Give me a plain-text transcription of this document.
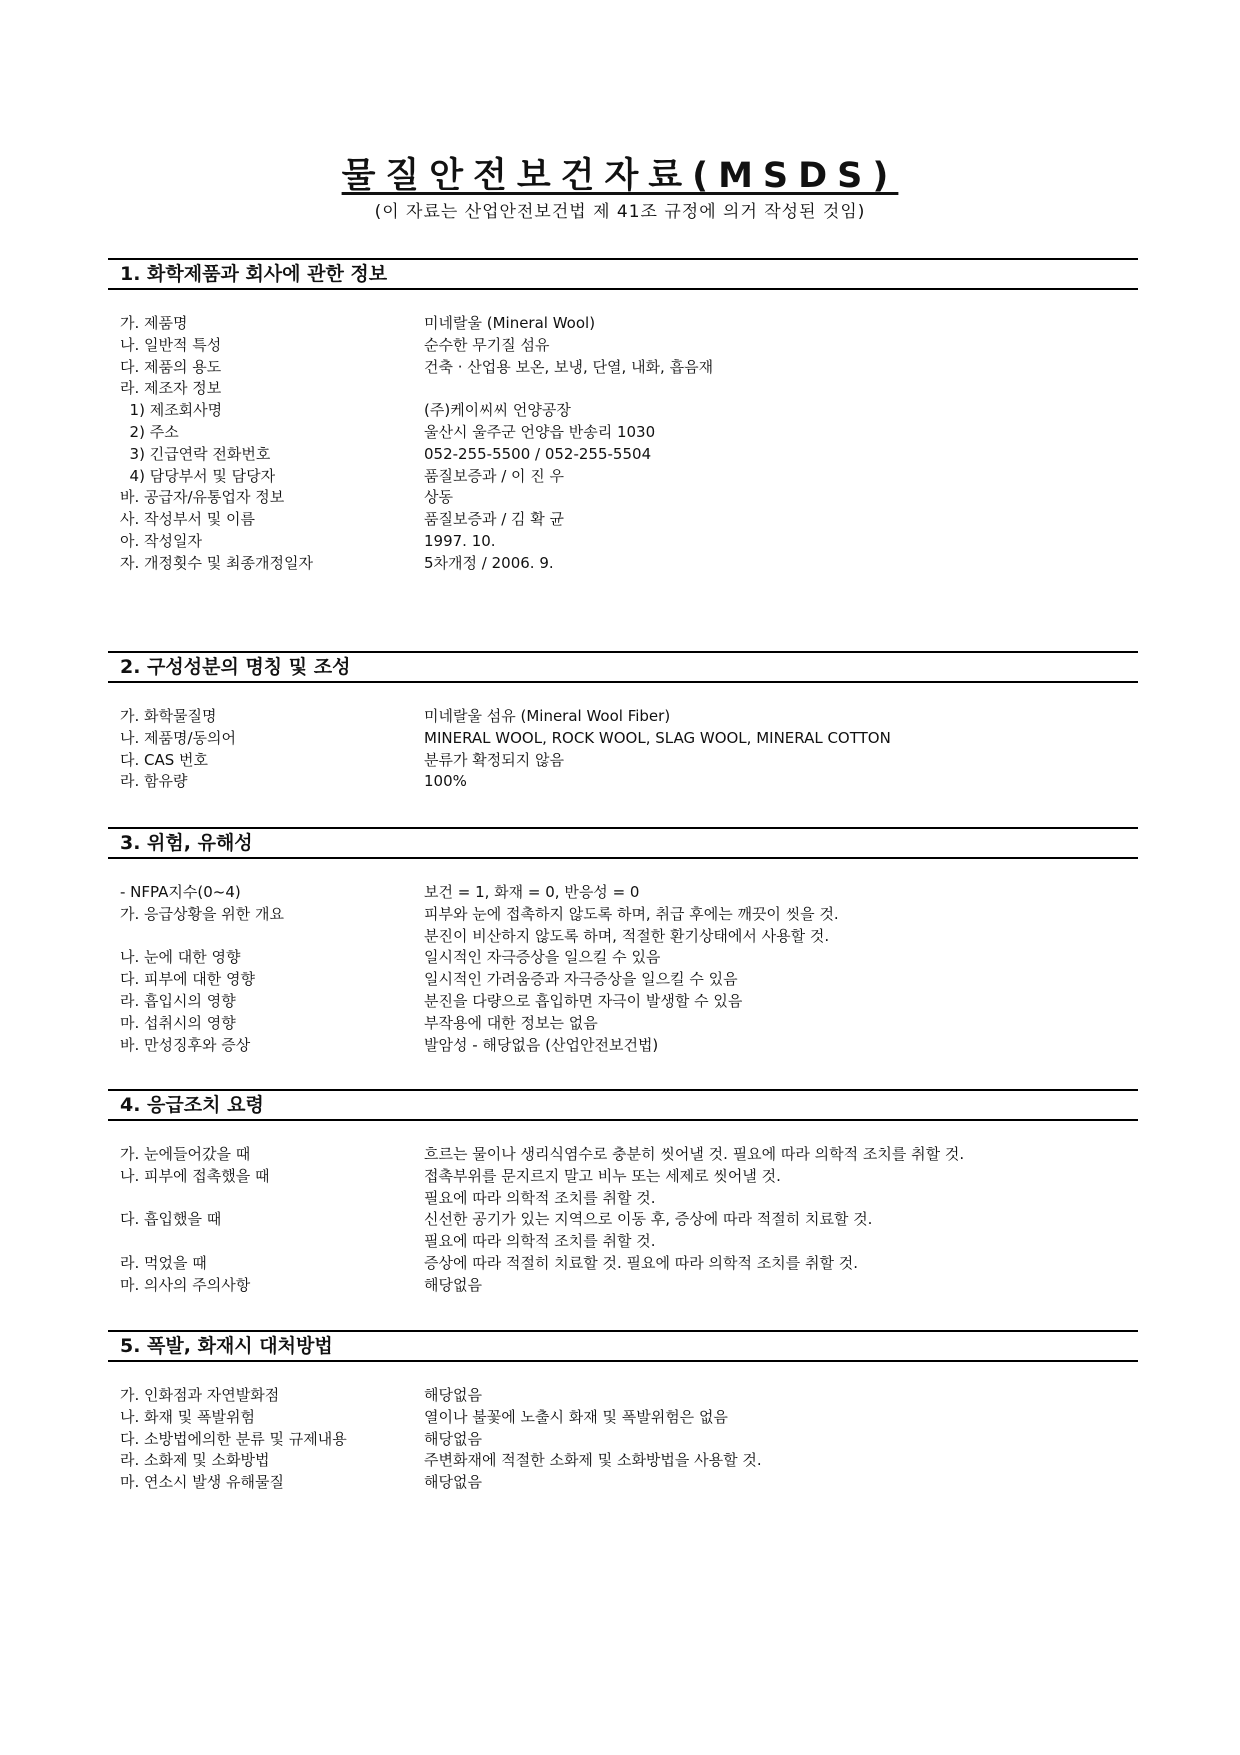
물질안전보건자료(MSDS)
(이 자료는 산업안전보건법 제 41조 규정에 의거 작성된 것임)
1. 화학제품과 회사에 관한 정보
가. 제품명	미네랄울 (Mineral Wool)
나. 일반적 특성	순수한 무기질 섬유
다. 제품의 용도	건축 · 산업용 보온, 보냉, 단열, 내화, 흡음재
라. 제조자 정보
1) 제조회사명	(주)케이씨씨 언양공장
2) 주소	울산시 울주군 언양읍 반송리 1030
3) 긴급연락 전화번호	052-255-5500 / 052-255-5504
4) 담당부서 및 담당자	품질보증과 / 이 진 우
바. 공급자/유통업자 정보	상동
사. 작성부서 및 이름	품질보증과 / 김 확 균
아. 작성일자	1997. 10.
자. 개정횟수 및 최종개정일자	5차개정 / 2006. 9.
2. 구성성분의 명칭 및 조성
가. 화학물질명	미네랄울 섬유 (Mineral Wool Fiber)
나. 제품명/동의어	MINERAL WOOL, ROCK WOOL, SLAG WOOL, MINERAL COTTON
다. CAS 번호	분류가 확정되지 않음
라. 함유량	100%
3. 위험, 유해성
- NFPA지수(0~4)	보건 = 1, 화재 = 0, 반응성 = 0
가. 응급상황을 위한 개요	피부와 눈에 접촉하지 않도록 하며, 취급 후에는 깨끗이 씻을 것.
분진이 비산하지 않도록 하며, 적절한 환기상태에서 사용할 것.
나. 눈에 대한 영향	일시적인 자극증상을 일으킬 수 있음
다. 피부에 대한 영향	일시적인 가려움증과 자극증상을 일으킬 수 있음
라. 흡입시의 영향	분진을 다량으로 흡입하면 자극이 발생할 수 있음
마. 섭취시의 영향	부작용에 대한 정보는 없음
바. 만성징후와 증상	발암성 - 해당없음 (산업안전보건법)
4. 응급조치 요령
가. 눈에들어갔을 때	흐르는 물이나 생리식염수로 충분히 씻어낼 것. 필요에 따라 의학적 조치를 취할 것.
나. 피부에 접촉했을 때	접촉부위를 문지르지 말고 비누 또는 세제로 씻어낼 것.
필요에 따라 의학적 조치를 취할 것.
다. 흡입했을 때	신선한 공기가 있는 지역으로 이동 후, 증상에 따라 적절히 치료할 것.
필요에 따라 의학적 조치를 취할 것.
라. 먹었을 때	증상에 따라 적절히 치료할 것. 필요에 따라 의학적 조치를 취할 것.
마. 의사의 주의사항	해당없음
5. 폭발, 화재시 대처방법
가. 인화점과 자연발화점	해당없음
나. 화재 및 폭발위험	열이나 불꽃에 노출시 화재 및 폭발위험은 없음
다. 소방법에의한 분류 및 규제내용	해당없음
라. 소화제 및 소화방법	주변화재에 적절한 소화제 및 소화방법을 사용할 것.
마. 연소시 발생 유해물질	해당없음
